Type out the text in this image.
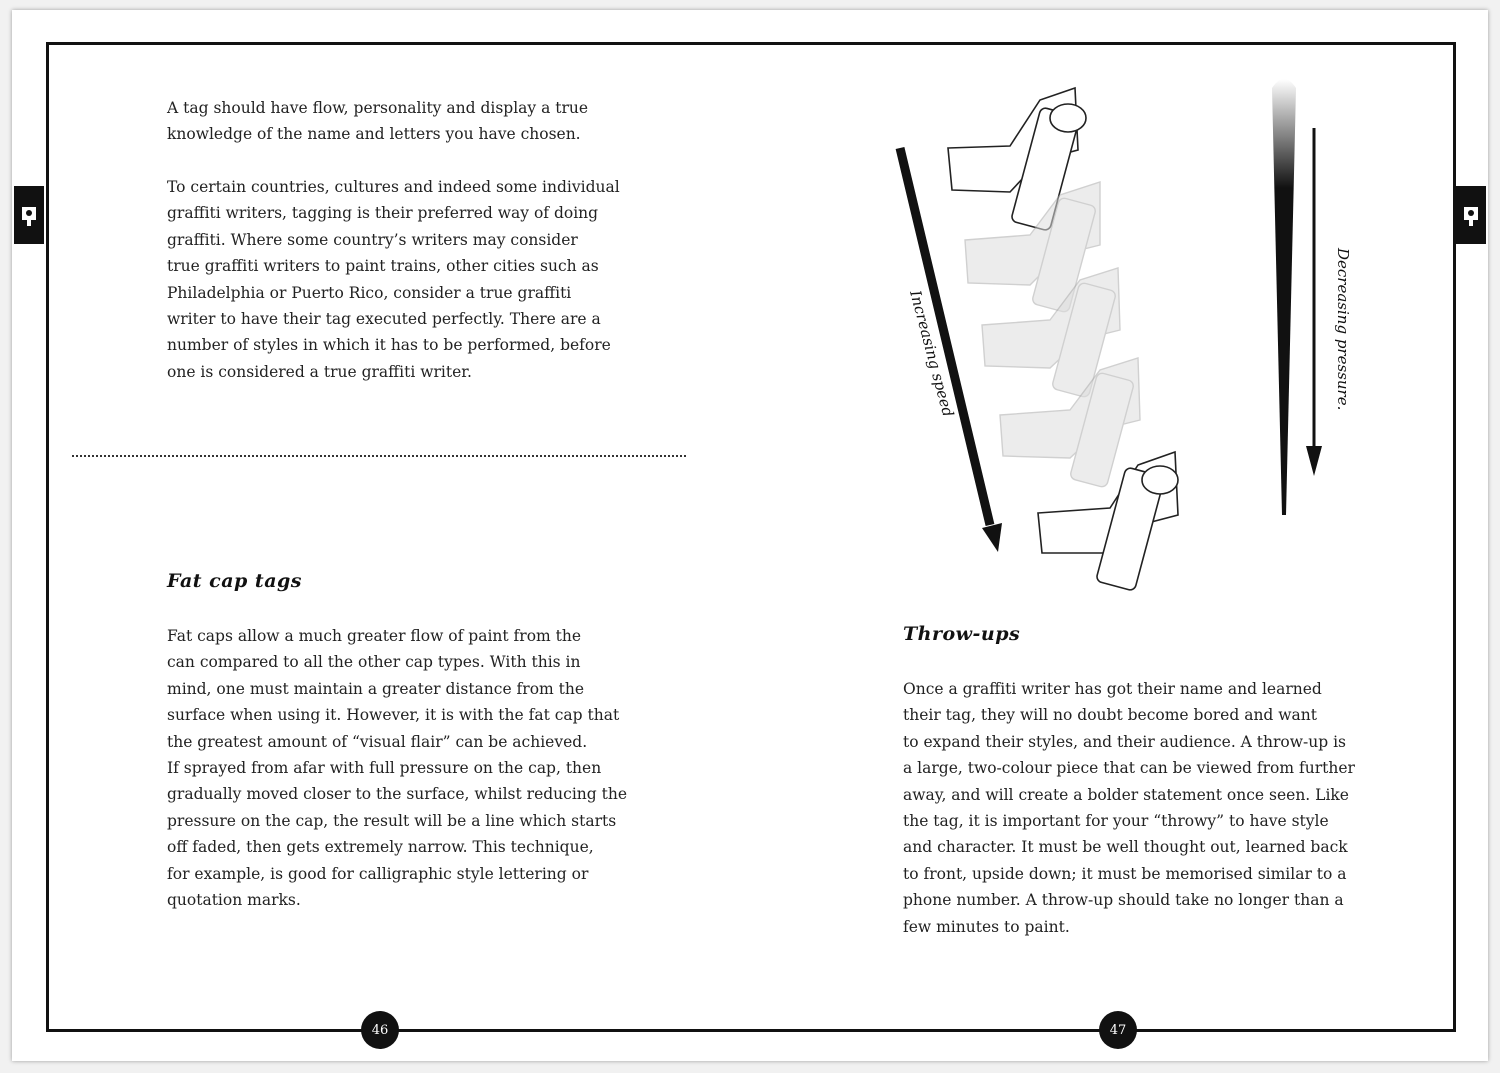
A tag should have flow, personality and display a true
knowledge of the name and letters you have chosen.
To certain countries, cultures and indeed some individual
graffiti writers, tagging is their preferred way of doing
graffiti. Where some country’s writers may consider
true graffiti writers to paint trains, other cities such as
Philadelphia or Puerto Rico, consider a true graffiti
writer to have their tag executed perfectly. There are a
number of styles in which it has to be performed, before
one is considered a true graffiti writer.
Fat cap tags
Fat caps allow a much greater flow of paint from the
can compared to all the other cap types. With this in
mind, one must maintain a greater distance from the
surface when using it. However, it is with the fat cap that
the greatest amount of “visual flair” can be achieved.
If sprayed from afar with full pressure on the cap, then
gradually moved closer to the surface, whilst reducing the
pressure on the cap, the result will be a line which starts
off faded, then gets extremely narrow. This technique,
for example, is good for calligraphic style lettering or
quotation marks.
46
Increasing speed	Decreasing pressure.
Throw-ups
Once a graffiti writer has got their name and learned
their tag, they will no doubt become bored and want
to expand their styles, and their audience. A throw-up is
a large, two-colour piece that can be viewed from further
away, and will create a bolder statement once seen. Like
the tag, it is important for your “throwy” to have style
and character. It must be well thought out, learned back
to front, upside down; it must be memorised similar to a
phone number. A throw-up should take no longer than a
few minutes to paint.
47
